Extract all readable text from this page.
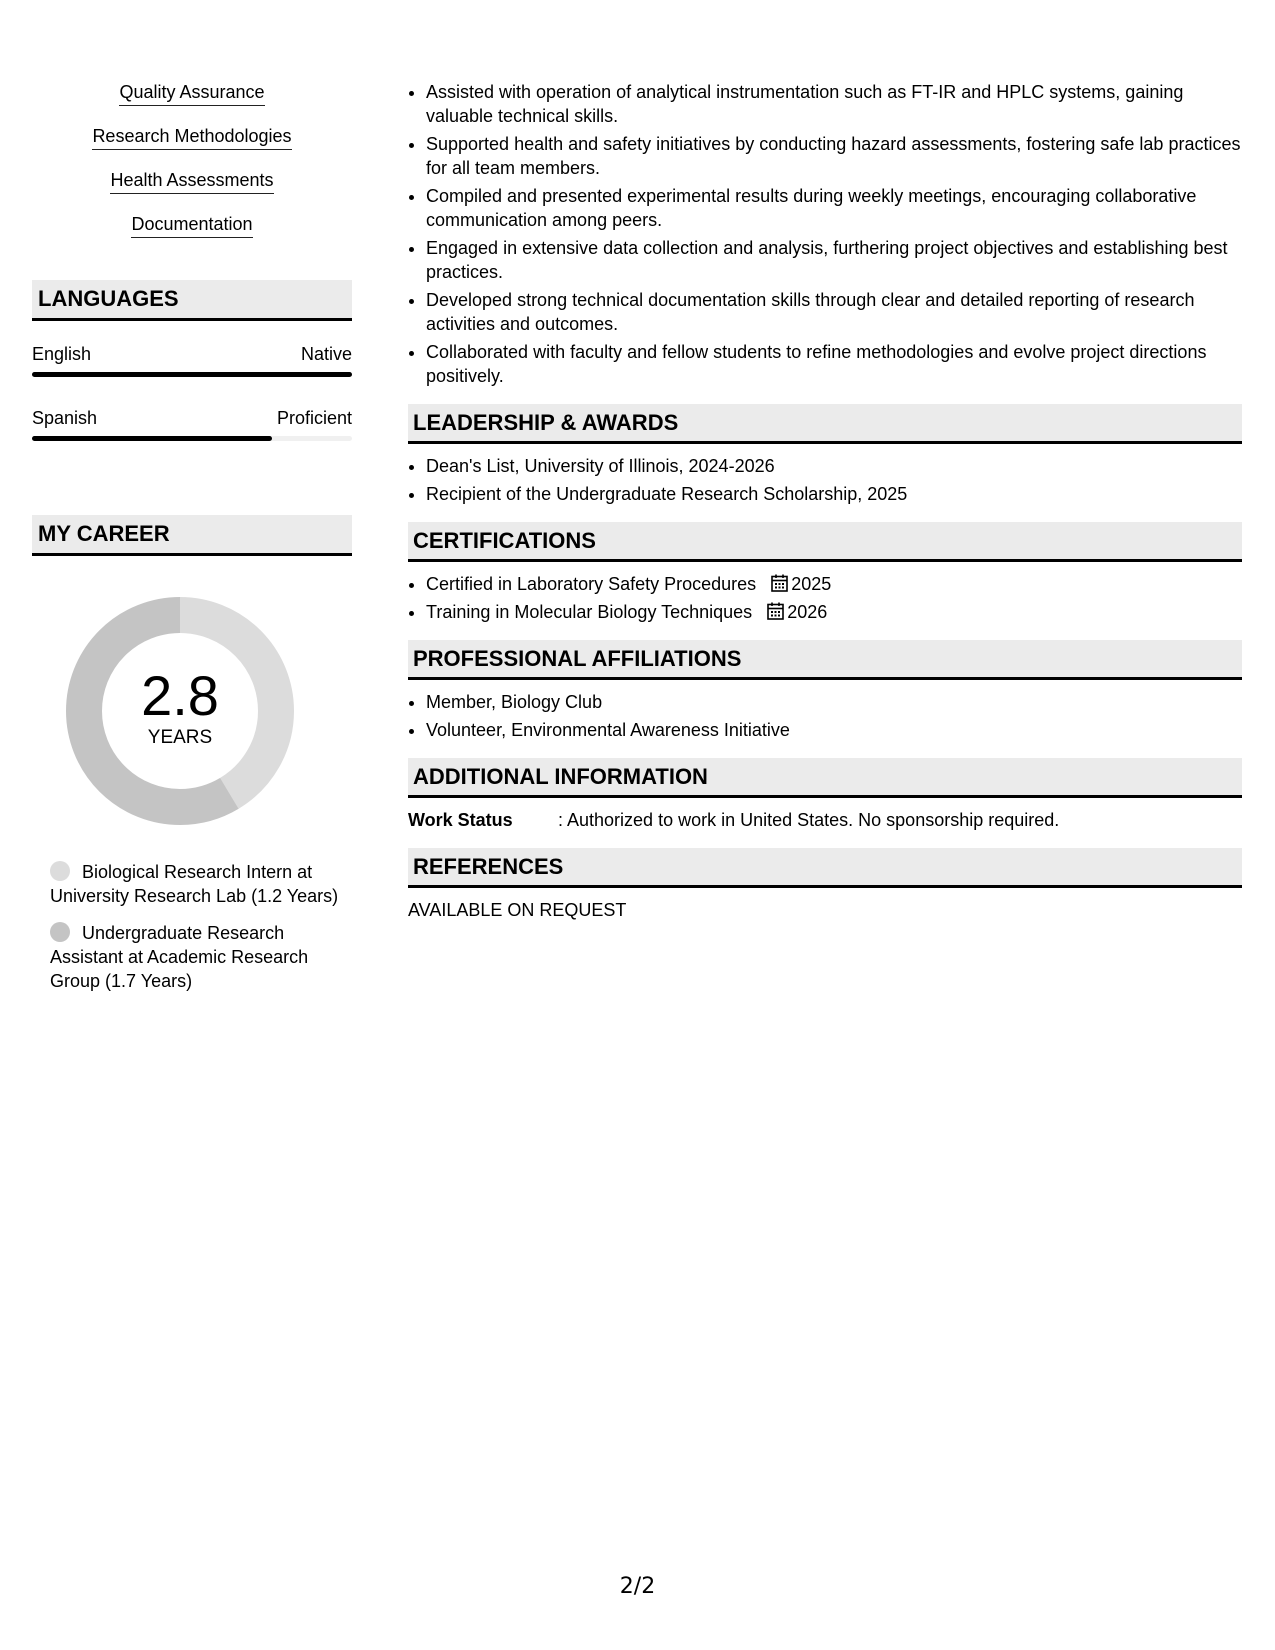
Quality Assurance
Research Methodologies
Health Assessments
Documentation
LANGUAGES
English	Native
Spanish	Proficient
MY CAREER
2.8
YEARS
Biological Research Intern at University Research Lab (1.2 Years)
Undergraduate Research Assistant at Academic Research Group (1.7 Years)
• Assisted with operation of analytical instrumentation such as FT-IR and HPLC systems, gaining valuable technical skills.
• Supported health and safety initiatives by conducting hazard assessments, fostering safe lab practices for all team members.
• Compiled and presented experimental results during weekly meetings, encouraging collaborative communication among peers.
• Engaged in extensive data collection and analysis, furthering project objectives and establishing best practices.
• Developed strong technical documentation skills through clear and detailed reporting of research activities and outcomes.
• Collaborated with faculty and fellow students to refine methodologies and evolve project directions positively.
LEADERSHIP & AWARDS
• Dean's List, University of Illinois, 2024-2026
• Recipient of the Undergraduate Research Scholarship, 2025
CERTIFICATIONS
• Certified in Laboratory Safety Procedures 2025
• Training in Molecular Biology Techniques 2026
PROFESSIONAL AFFILIATIONS
• Member, Biology Club
• Volunteer, Environmental Awareness Initiative
ADDITIONAL INFORMATION
Work Status	: Authorized to work in United States. No sponsorship required.
REFERENCES
AVAILABLE ON REQUEST
2/2
